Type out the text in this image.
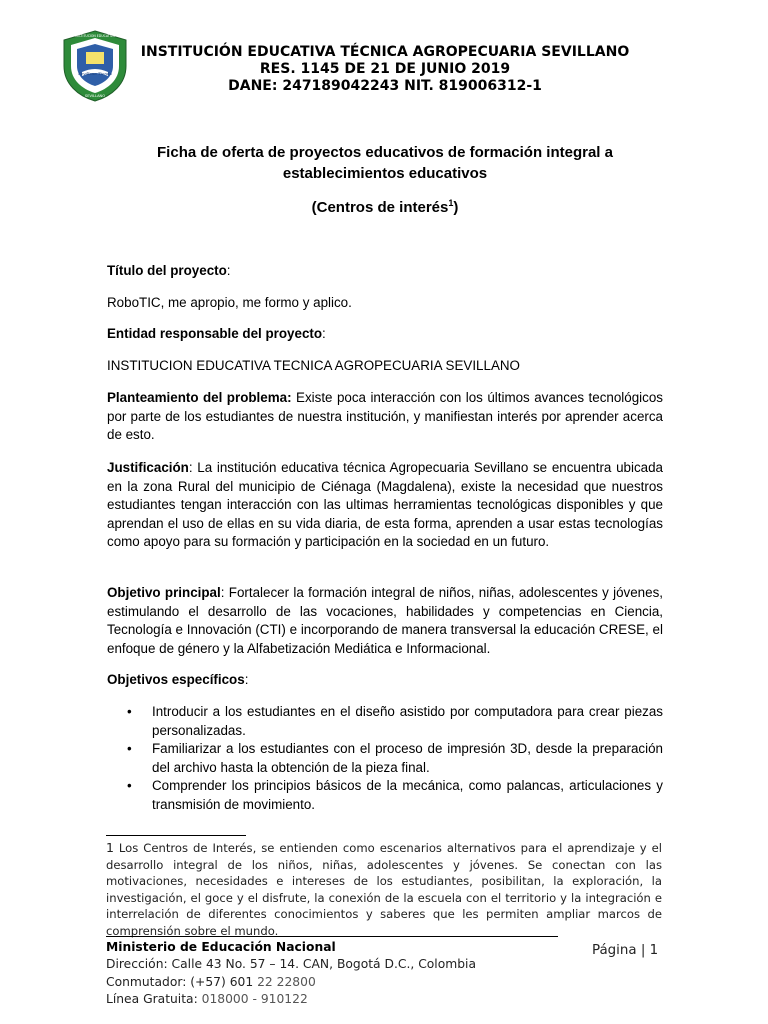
INSTITUCION EDUCATIVA
Sevillano Tienda
SEVILLANO
INSTITUCIÓN EDUCATIVA TÉCNICA AGROPECUARIA SEVILLANO
RES. 1145 DE 21 DE JUNIO 2019
DANE: 247189042243 NIT. 819006312-1
Ficha de oferta de proyectos educativos de formación integral a
establecimientos educativos
(Centros de interés$^1$)
Título del proyecto:
RoboTIC, me apropio, me formo y aplico.
Entidad responsable del proyecto:
INSTITUCION EDUCATIVA TECNICA AGROPECUARIA SEVILLANO
Planteamiento del problema: Existe poca interacción con los últimos avances tecnológicos por parte de los estudiantes de nuestra institución, y manifiestan interés por aprender acerca de esto.
Justificación: La institución educativa técnica Agropecuaria Sevillano se encuentra ubicada en la zona Rural del municipio de Ciénaga (Magdalena), existe la necesidad que nuestros estudiantes tengan interacción con las ultimas herramientas tecnológicas disponibles y que aprendan el uso de ellas en su vida diaria, de esta forma, aprenden a usar estas tecnologías como apoyo para su formación y participación en la sociedad en un futuro.
Objetivo principal: Fortalecer la formación integral de niños, niñas, adolescentes y jóvenes, estimulando el desarrollo de las vocaciones, habilidades y competencias en Ciencia, Tecnología e Innovación (CTI) e incorporando de manera transversal la educación CRESE, el enfoque de género y la Alfabetización Mediática e Informacional.
Objetivos específicos:
• Introducir a los estudiantes en el diseño asistido por computadora para crear piezas personalizadas.
• Familiarizar a los estudiantes con el proceso de impresión 3D, desde la preparación del archivo hasta la obtención de la pieza final.
• Comprender los principios básicos de la mecánica, como palancas, articulaciones y transmisión de movimiento.
1 Los Centros de Interés, se entienden como escenarios alternativos para el aprendizaje y el desarrollo integral de los niños, niñas, adolescentes y jóvenes. Se conectan con las motivaciones, necesidades e intereses de los estudiantes, posibilitan, la exploración, la investigación, el goce y el disfrute, la conexión de la escuela con el territorio y la integración e interrelación de diferentes conocimientos y saberes que les permiten ampliar marcos de comprensión sobre el mundo.
Ministerio de Educación Nacional
Dirección: Calle 43 No. 57 – 14. CAN, Bogotá D.C., Colombia
Conmutador: (+57) 601 22 22800
Línea Gratuita: 018000 - 910122
Página | 1
